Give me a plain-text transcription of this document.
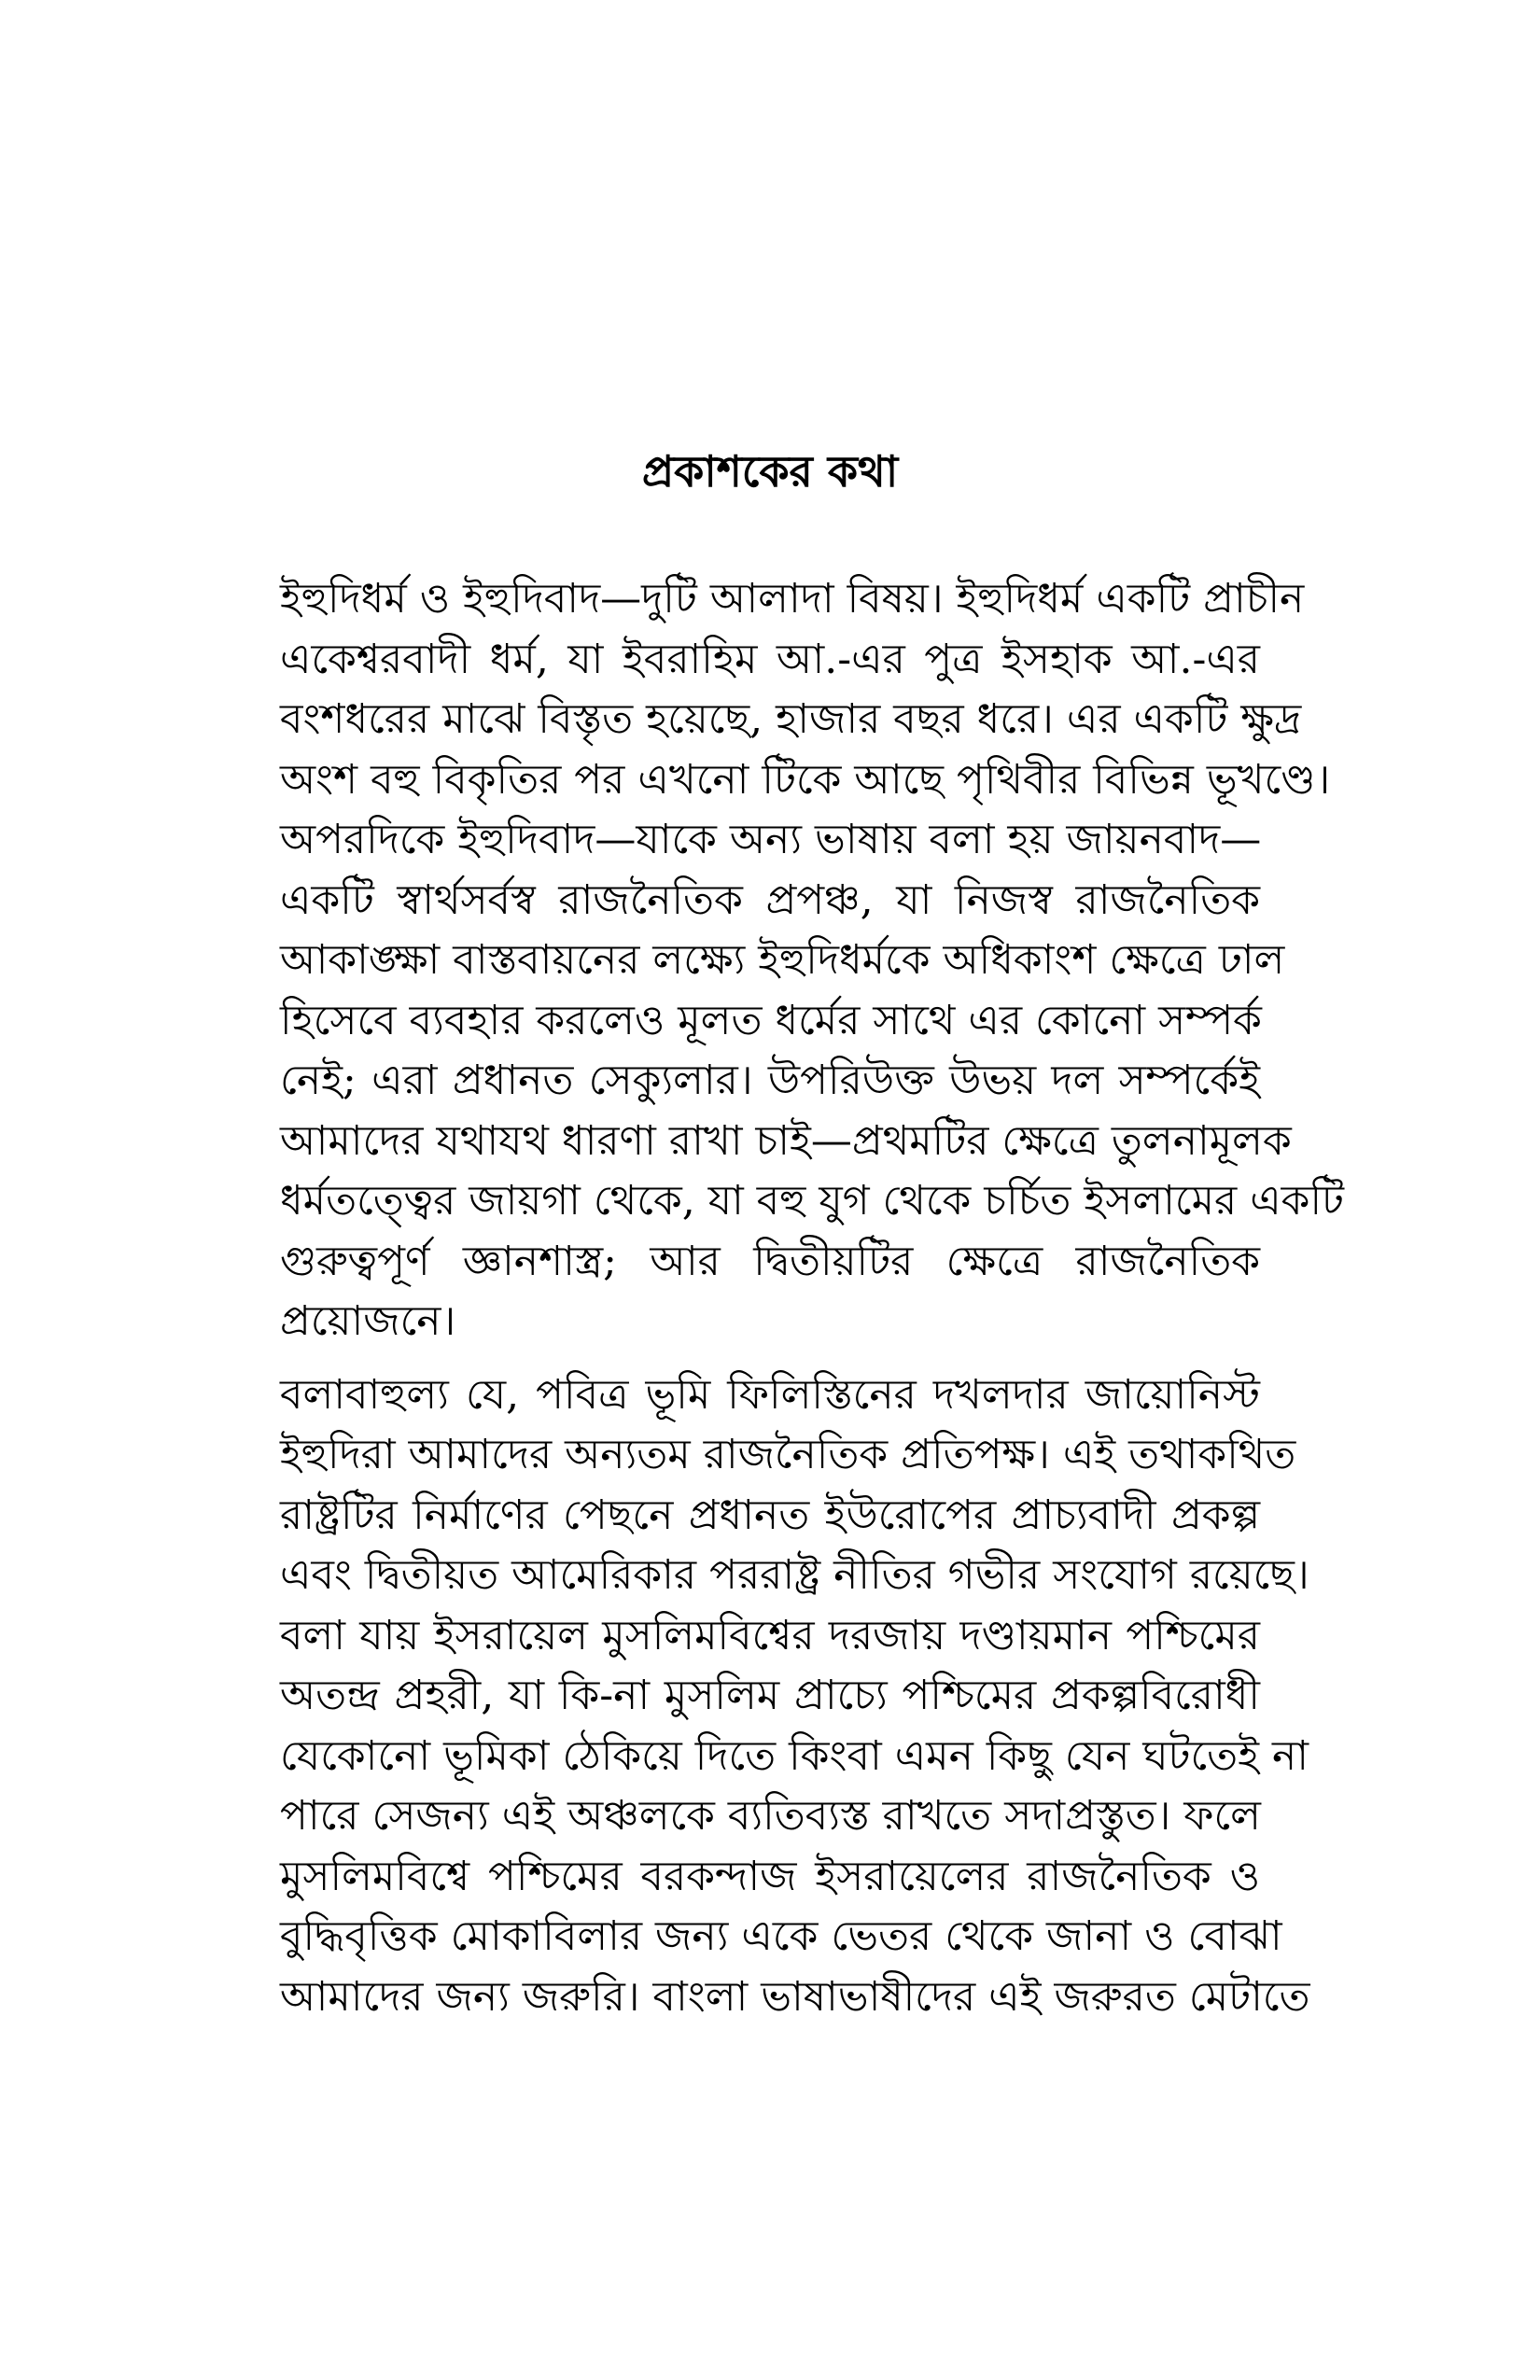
প্রকাশকের কথা

ইহুদিধর্ম ও ইহুদিবাদ—দুটি আলাদা বিষয়। ইহুদিধর্ম একটি প্রাচীন
একেশ্বরবাদী ধর্ম, যা ইবরাহিম আ.-এর পুত্র ইসহাক আ.-এর
বংশধরের মাঝে বিস্তৃত হয়েছে, হাজার বছর ধরে। এর একটি ক্ষুদ্র
অংশ বহু বিকৃতির পর এখনো টিকে আছে পৃথিবীর বিভিন্ন ভূখণ্ডে।
অপরদিকে ইহুদিবাদ—যাকে অন্য ভাষায় বলা হয় জায়নবাদ—
একটি স্বার্থসর্বস্ব রাজনৈতিক প্রপঞ্চ, যা নিজস্ব রাজনৈতিক
আকাঙ্ক্ষা বাস্তবায়নের লক্ষ্যে ইহুদিধর্মকে অধিকাংশ ক্ষেত্রে ঢাল
হিসেবে ব্যবহার করলেও মূলত ধর্মের সাথে এর কোনো সম্পর্ক
নেই; এরা প্রধানত সেক্যুলার। উপরিউক্ত উভয় দল সম্পর্কেই
আমাদের যথাযথ ধারণা রাখা চাই—প্রথমটির ক্ষেত্রে তুলনামূলক
ধর্মতত্ত্বের জায়গা থেকে, যা বহু যুগ থেকে চর্চিত ইসলামের একটি
গুরুত্বপূর্ণ জ্ঞানশাস্ত্র; আর দ্বিতীয়টির ক্ষেত্রে রাজনৈতিক
প্রয়োজনে।

বলাবাহুল্য যে, পবিত্র ভূমি ফিলিস্তিনের দখলদার জায়োনিস্ট
ইহুদিরা আমাদের অন্যতম রাজনৈতিক প্রতিপক্ষ। এই তথাকথিত
রাষ্ট্রটির নির্মাণের পেছনে প্রধানত ইউরোপের প্রাচ্যবাদী প্রকল্প
এবং দ্বিতীয়ত আমেরিকার পররাষ্ট্র নীতির গভীর সংযোগ রয়েছে।
বলা যায় ইসরায়েল মুসলিমবিশ্বের দরজায় দণ্ডায়মান পশ্চিমের
অতন্দ্র প্রহরী, যা কি-না মুসলিম প্রাচ্যে পশ্চিমের প্রকল্পবিরোধী
যেকোনো ভূমিকা ঠেকিয়ে দিতে কিংবা এমন কিছু যেন ঘটতেই না
পারে সেজন্য এই অঞ্চলকে ব্যতিব্যস্ত রাখতে সদাপ্রস্তুত। ফলে
মুসলিমবিশ্বে পশ্চিমের বরকন্দাজ ইসরায়েলের রাজনৈতিক ও
বুদ্ধিবৃত্তিক মোকাবিলার জন্য একে ভেতর থেকে জানা ও বোঝা
আমাদের জন্য জরুরি। বাংলা ভাষাভাষীদের এই জরুরত মেটাতে
